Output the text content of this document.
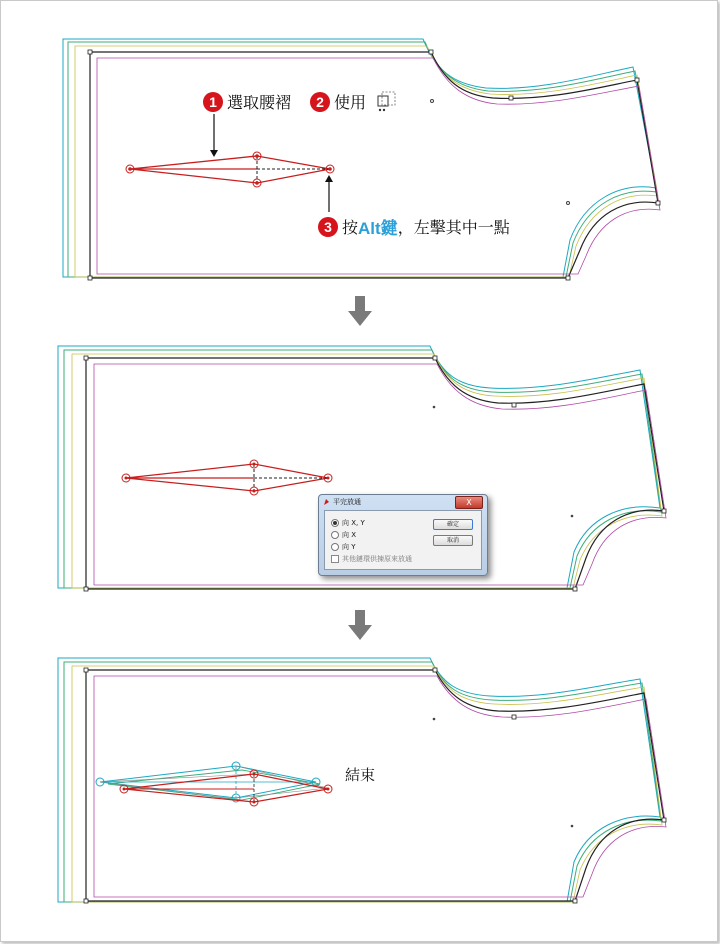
1 選取腰褶	2 使用
3 按 Alt鍵 ，左擊其中一點
平完放通	X
向 X, Y
向 X
向 Y
其他鏈環供揀原來放通
確定
取消
結束
